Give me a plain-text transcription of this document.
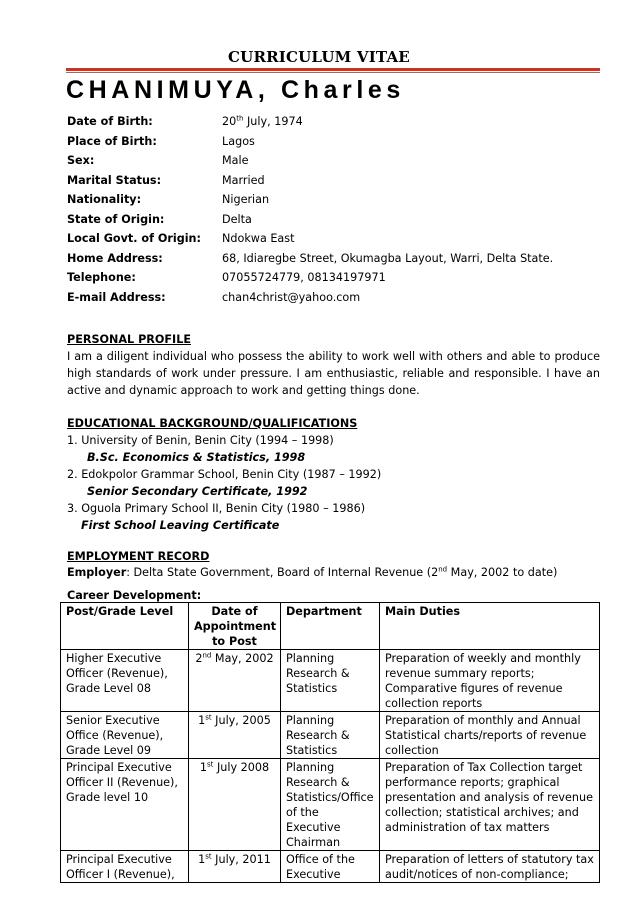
CURRICULUM VITAE
CHANIMUYA, Charles
Date of Birth:	20th July, 1974
Place of Birth:	Lagos
Sex:	Male
Marital Status:	Married
Nationality:	Nigerian
State of Origin:	Delta
Local Govt. of Origin:	Ndokwa East
Home Address:	68, Idiaregbe Street, Okumagba Layout, Warri, Delta State.
Telephone:	07055724779, 08134197971
E-mail Address:	chan4christ@yahoo.com
PERSONAL PROFILE
I am a diligent individual who possess the ability to work well with others and able to produce high standards of work under pressure. I am enthusiastic, reliable and responsible. I have an active and dynamic approach to work and getting things done.
EDUCATIONAL BACKGROUND/QUALIFICATIONS
1. University of Benin, Benin City (1994 – 1998)
B.Sc. Economics & Statistics, 1998
2. Edokpolor Grammar School, Benin City (1987 – 1992)
Senior Secondary Certificate, 1992
3. Oguola Primary School II, Benin City (1980 – 1986)
First School Leaving Certificate
EMPLOYMENT RECORD
Employer: Delta State Government, Board of Internal Revenue (2nd May, 2002 to date)
Career Development:
Post/Grade Level	Date of Appointment to Post	Department	Main Duties
Higher Executive Officer (Revenue), Grade Level 08	2nd May, 2002	Planning Research & Statistics	Preparation of weekly and monthly revenue summary reports; Comparative figures of revenue collection reports
Senior Executive Office (Revenue), Grade Level 09	1st July, 2005	Planning Research & Statistics	Preparation of monthly and Annual Statistical charts/reports of revenue collection
Principal Executive Officer II (Revenue), Grade level 10	1st July 2008	Planning Research & Statistics/Office of the Executive Chairman	Preparation of Tax Collection target performance reports; graphical presentation and analysis of revenue collection; statistical archives; and administration of tax matters
Principal Executive Officer I (Revenue),	1st July, 2011	Office of the Executive	Preparation of letters of statutory tax audit/notices of non-compliance;
